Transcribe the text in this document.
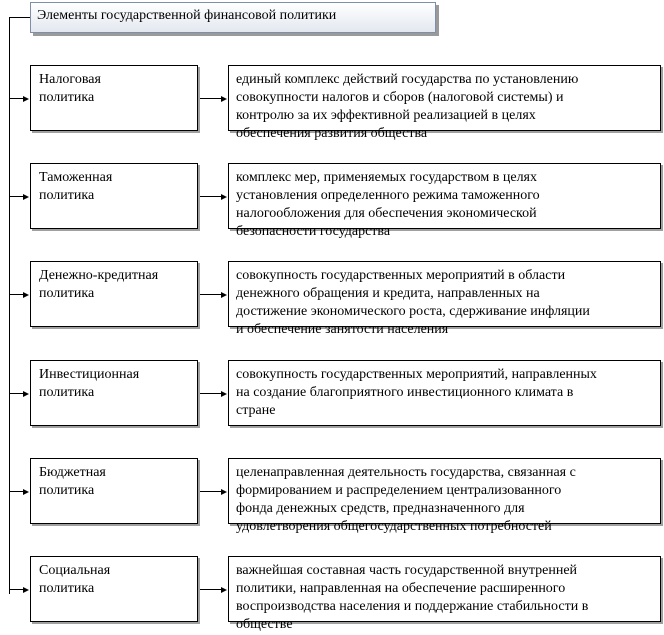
Элементы государственной финансовой политики
Налоговая
политика
единый комплекс действий государства по установлению
совокупности налогов и сборов (налоговой системы) и
контролю за их эффективной реализацией в целях
обеспечения развития общества
Таможенная
политика
комплекс мер, применяемых государством в целях
установления определенного режима таможенного
налогообложения для обеспечения экономической
безопасности государства
Денежно-кредитная
политика
совокупность государственных мероприятий в области
денежного обращения и кредита, направленных на
достижение экономического роста, сдерживание инфляции
и обеспечение занятости населения
Инвестиционная
политика
совокупность государственных мероприятий, направленных
на создание благоприятного инвестиционного климата в
стране
Бюджетная
политика
целенаправленная деятельность государства, связанная с
формированием и распределением централизованного
фонда денежных средств, предназначенного для
удовлетворения общегосударственных потребностей
Социальная
политика
важнейшая составная часть государственной внутренней
политики, направленная на обеспечение расширенного
воспроизводства населения и поддержание стабильности в
обществе
